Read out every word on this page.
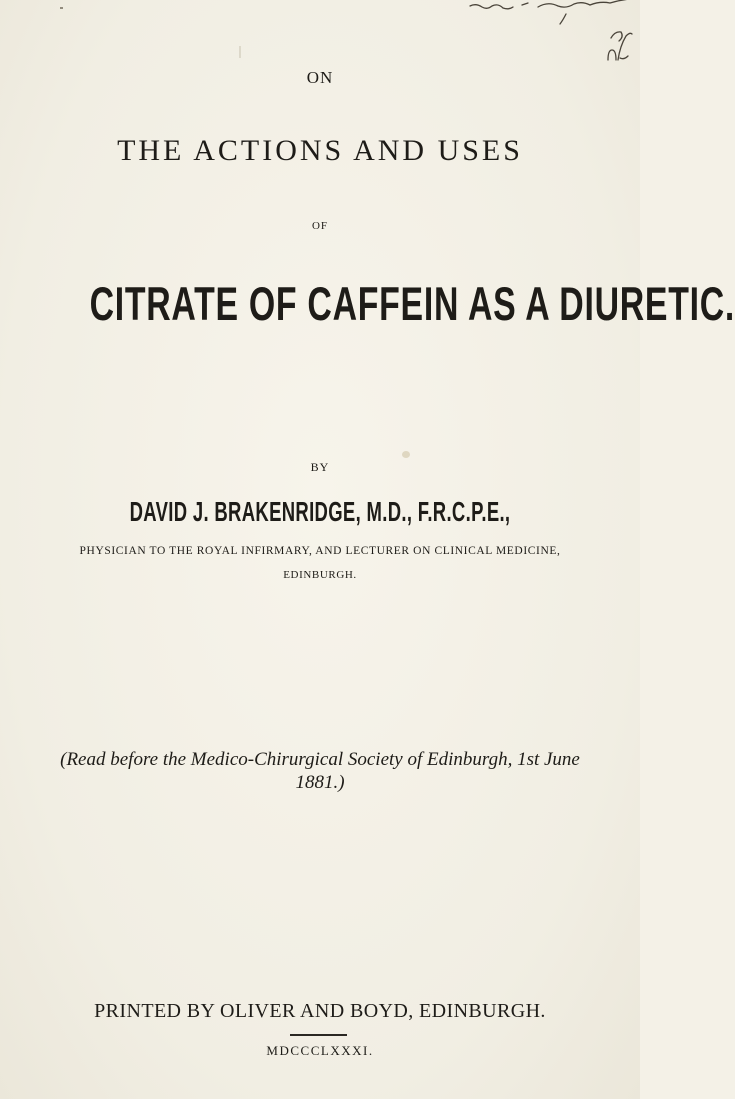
ON
THE ACTIONS AND USES
OF
CITRATE OF CAFFEIN AS A DIURETIC.
BY
DAVID J. BRAKENRIDGE, M.D., F.R.C.P.E.,
PHYSICIAN TO THE ROYAL INFIRMARY, AND LECTURER ON CLINICAL MEDICINE,
EDINBURGH.
(Read before the Medico-Chirurgical Society of Edinburgh, 1st June
1881.)
PRINTED BY OLIVER AND BOYD, EDINBURGH.
MDCCCLXXXI.
